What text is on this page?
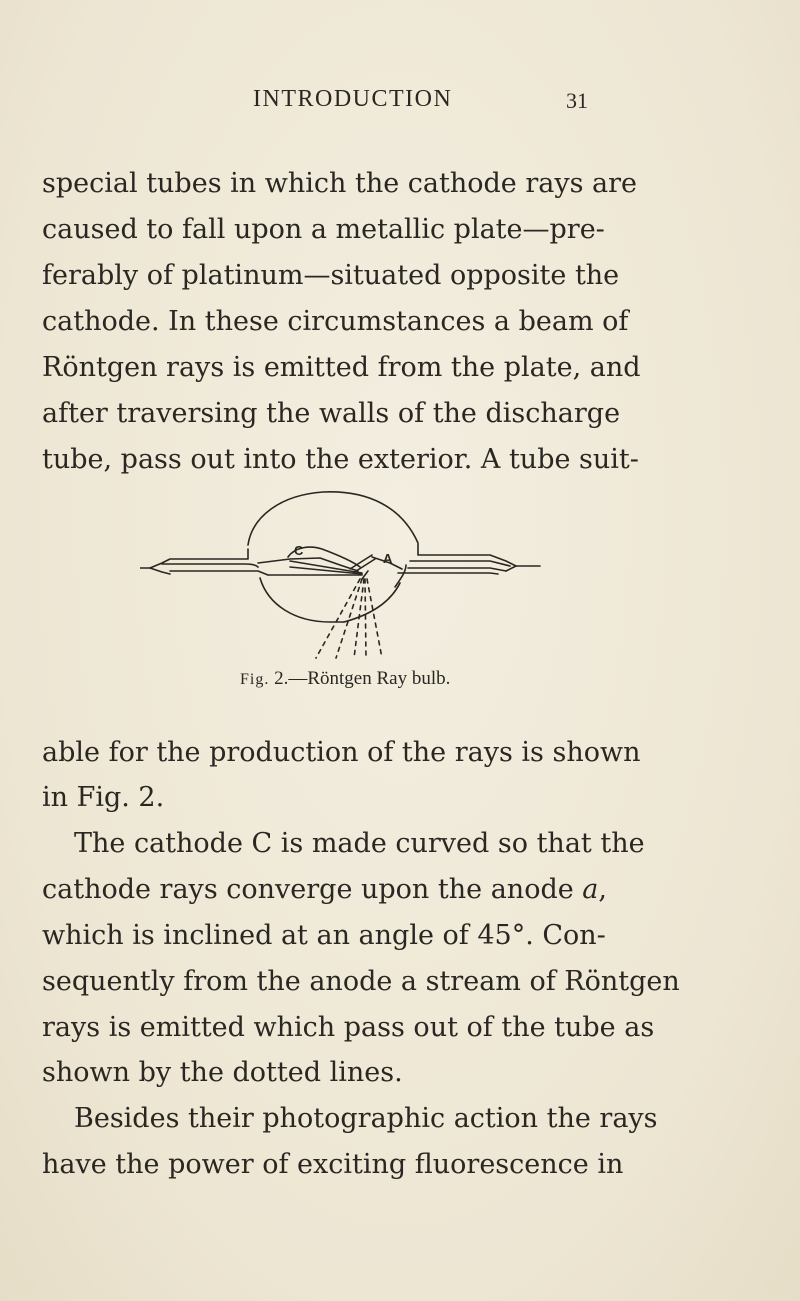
INTRODUCTION	31
special tubes in which the cathode rays are
caused to fall upon a metallic plate—pre-
ferably of platinum—situated opposite the
cathode. In these circumstances a beam of
Röntgen rays is emitted from the plate, and
after traversing the walls of the discharge
tube, pass out into the exterior. A tube suit-
C
A
Fig. 2.—Röntgen Ray bulb.
able for the production of the rays is shown
in Fig. 2.
The cathode C is made curved so that the
cathode rays converge upon the anode a,
which is inclined at an angle of 45°. Con-
sequently from the anode a stream of Röntgen
rays is emitted which pass out of the tube as
shown by the dotted lines.
Besides their photographic action the rays
have the power of exciting fluorescence in
